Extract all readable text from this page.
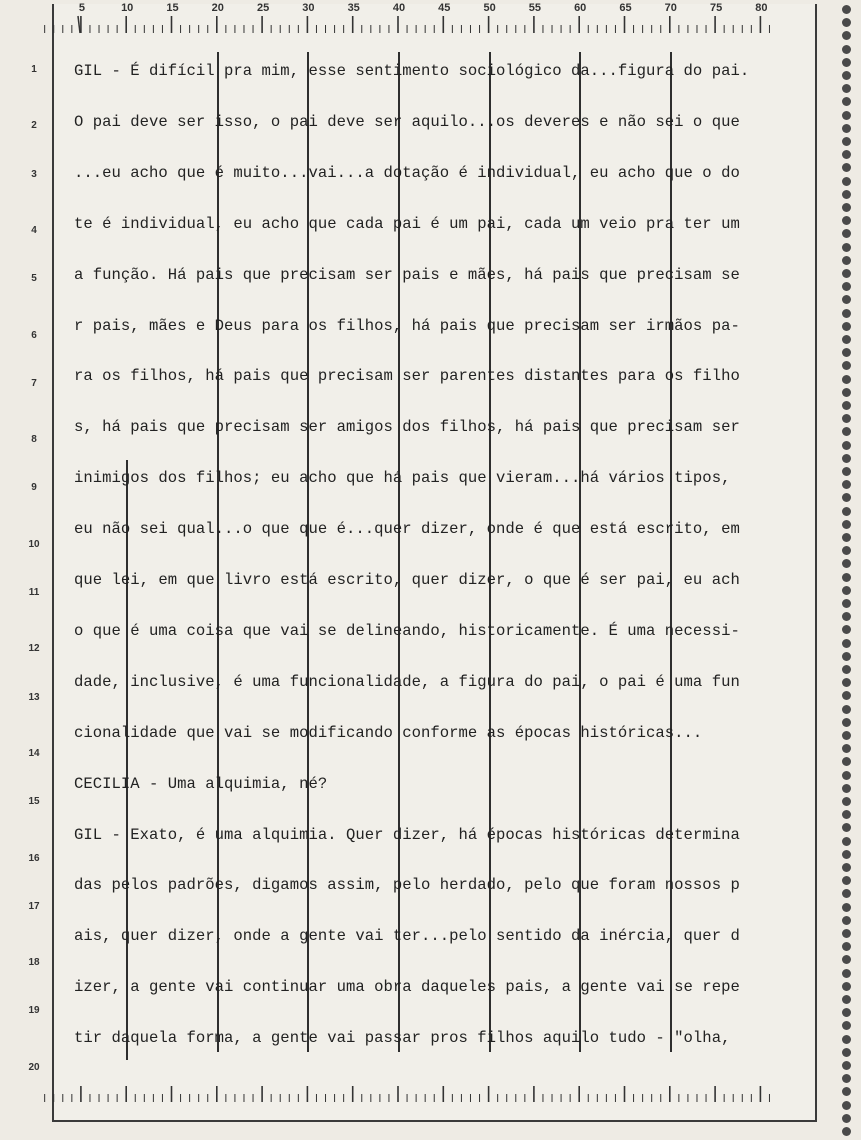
5	10	15	20	25	30	35	40	45	50	55	60	65	70	75	80
1
2
3
4
5
6
7
8
9
10
11
12
13
14
15
16
17
18
19
20
GIL - É difícil pra mim, esse sentimento sociológico da...figura do pai.
O pai deve ser isso, o pai deve ser aquilo...os deveres e não sei o que
...eu acho que é muito...vai...a dotação é individual, eu acho que o do
te é individual, eu acho que cada pai é um pai, cada um veio pra ter um
a função. Há pais que precisam ser pais e mães, há pais que precisam se
r pais, mães e Deus para os filhos, há pais que precisam ser irmãos pa-
ra os filhos, há pais que precisam ser parentes distantes para os filho
s, há pais que precisam ser amigos dos filhos, há pais que precisam ser
inimigos dos filhos; eu acho que há pais que vieram...há vários tipos,
eu não sei qual...o que que é...quer dizer, onde é que está escrito, em
que lei, em que livro está escrito, quer dizer, o que é ser pai, eu ach
o que é uma coisa que vai se delineando, historicamente. É uma necessi-
dade, inclusive, é uma funcionalidade, a figura do pai, o pai é uma fun
cionalidade que vai se modificando conforme as épocas históricas...
CECILIA - Uma alquimia, né?
GIL - Exato, é uma alquimia. Quer dizer, há épocas históricas determina
das pelos padrões, digamos assim, pelo herdado, pelo que foram nossos p
ais, quer dizer, onde a gente vai ter...pelo sentido da inércia, quer d
izer, a gente vai continuar uma obra daqueles pais, a gente vai se repe
tir daquela forma, a gente vai passar pros filhos aquilo tudo - "olha,
